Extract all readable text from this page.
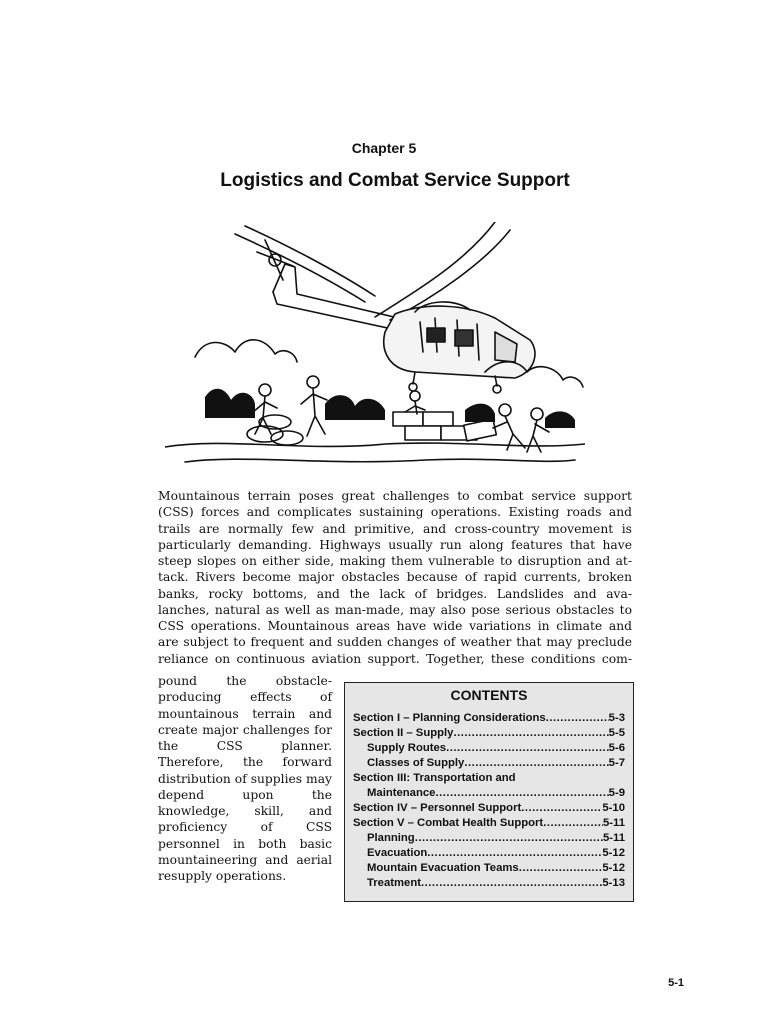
Chapter 5
Logistics and Combat Service Support
Mountainous terrain poses great challenges to combat service support
(CSS) forces and complicates sustaining operations. Existing roads and
trails are normally few and primitive, and cross-country movement is
particularly demanding. Highways usually run along features that have
steep slopes on either side, making them vulnerable to disruption and at-
tack. Rivers become major obstacles because of rapid currents, broken
banks, rocky bottoms, and the lack of bridges. Landslides and ava-
lanches, natural as well as man-made, may also pose serious obstacles to
CSS operations. Mountainous areas have wide variations in climate and
are subject to frequent and sudden changes of weather that may preclude
reliance on continuous aviation support. Together, these conditions com-
pound the obstacle-producing effects of mountainous terrain and create major challenges for the CSS planner. Therefore, the forward distribution of supplies may depend upon the knowledge, skill, and proficiency of CSS personnel in both basic mountaineering and aerial resupply operations.
CONTENTS
Section I – Planning Considerations .....	5-3
Section II – Supply .....	5-5
Supply Routes .....	5-6
Classes of Supply .....	5-7
Section III: Transportation and
Maintenance .....	5-9
Section IV – Personnel Support .....	5-10
Section V – Combat Health Support .....	5-11
Planning .....	5-11
Evacuation .....	5-12
Mountain Evacuation Teams .....	5-12
Treatment .....	5-13
5-1
